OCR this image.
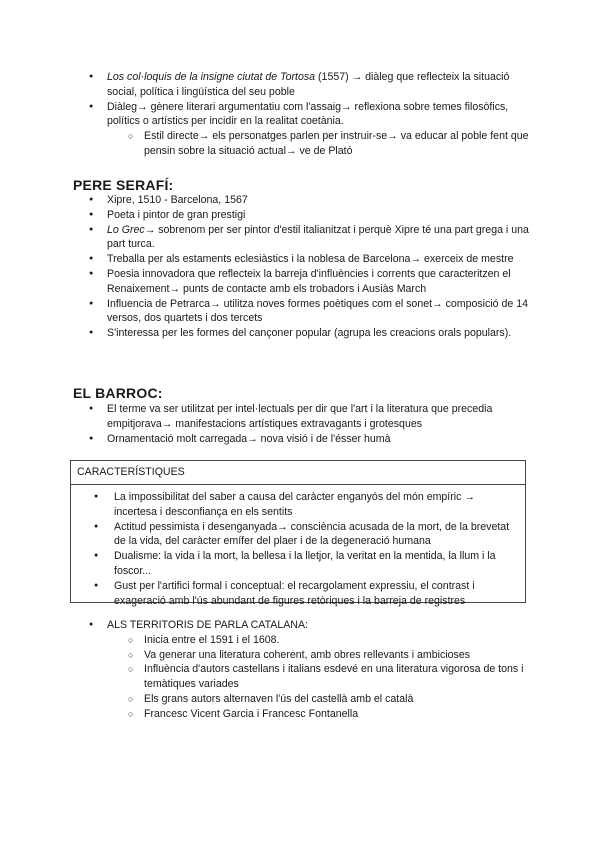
● Los col·loquis de la insigne ciutat de Tortosa (1557) → diàleg que reflecteix la situació social, política i lingüística del seu poble
● Diàleg→ gènere literari argumentatiu com l'assaig→ reflexiona sobre temes filosòfics, polítics o artístics per incidir en la realitat coetània.
○ Estil directe→ els personatges parlen per instruir-se→ va educar al poble fent que pensin sobre la situació actual→ ve de Plató
PERE SERAFÍ:
● Xipre, 1510 - Barcelona, 1567
● Poeta i pintor de gran prestigi
● Lo Grec→ sobrenom per ser pintor d'estil italianitzat i perquè Xipre té una part grega i una part turca.
● Treballa per als estaments eclesiàstics i la noblesa de Barcelona→ exerceix de mestre
● Poesia innovadora que reflecteix la barreja d'influències i corrents que caracteritzen el Renaixement→ punts de contacte amb els trobadors i Ausiàs March
● Influencia de Petrarca→ utilitza noves formes poètiques com el sonet→ composició de 14 versos, dos quartets i dos tercets
● S'interessa per les formes del cançoner popular (agrupa les creacions orals populars).
EL BARROC:
● El terme va ser utilitzat per intel·lectuals per dir que l'art i la literatura que precedia empitjorava→ manifestacions artístiques extravagants i grotesques
● Ornamentació molt carregada→ nova visió i de l'ésser humà
CARACTERÍSTIQUES
● La impossibilitat del saber a causa del caràcter enganyós del món empíric → incertesa i desconfiança en els sentits
● Actitud pessimista i desenganyada→ consciència acusada de la mort, de la brevetat de la vida, del caràcter emífer del plaer i de la degeneració humana
● Dualisme: la vida i la mort, la bellesa i la lletjor, la veritat en la mentida, la llum i la foscor...
● Gust per l'artifici formal i conceptual: el recargolament expressiu, el contrast i exageració amb l'ús abundant de figures retòriques i la barreja de registres
● ALS TERRITORIS DE PARLA CATALANA:
○ Inicia entre el 1591 i el 1608.
○ Va generar una literatura coherent, amb obres rellevants i ambicioses
○ Influència d'autors castellans i italians esdevé en una literatura vigorosa de tons i temàtiques variades
○ Els grans autors alternaven l'ús del castellà amb el català
○ Francesc Vicent Garcia i Francesc Fontanella
